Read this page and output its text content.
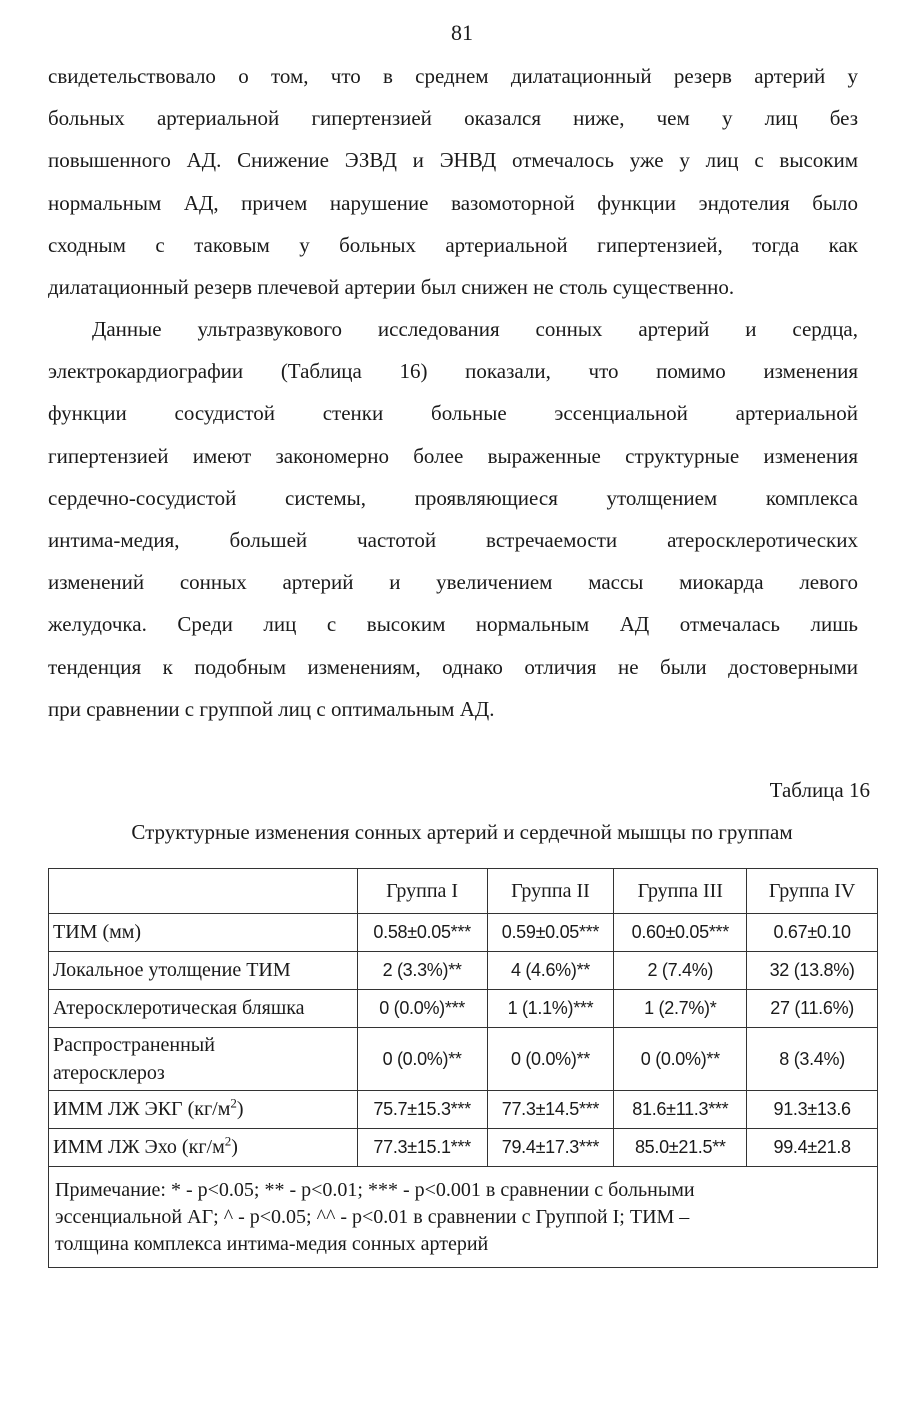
81
свидетельствовало о том, что в среднем дилатационный резерв артерий у
больных артериальной гипертензией оказался ниже, чем у лиц без
повышенного АД. Снижение ЭЗВД и ЭНВД отмечалось уже у лиц с высоким
нормальным АД, причем нарушение вазомоторной функции эндотелия было
сходным с таковым у больных артериальной гипертензией, тогда как
дилатационный резерв плечевой артерии был снижен не столь существенно.
Данные ультразвукового исследования сонных артерий и сердца,
электрокардиографии (Таблица 16) показали, что помимо изменения
функции сосудистой стенки больные эссенциальной артериальной
гипертензией имеют закономерно более выраженные структурные изменения
сердечно-сосудистой системы, проявляющиеся утолщением комплекса
интима-медия, большей частотой встречаемости атеросклеротических
изменений сонных артерий и увеличением массы миокарда левого
желудочка. Среди лиц с высоким нормальным АД отмечалась лишь
тенденция к подобным изменениям, однако отличия не были достоверными
при сравнении с группой лиц с оптимальным АД.
Таблица 16
Структурные изменения сонных артерий и сердечной мышцы по группам
	Группа I	Группа II	Группа III	Группа IV
ТИМ (мм)	0.58±0.05***	0.59±0.05***	0.60±0.05***	0.67±0.10
Локальное утолщение ТИМ	2 (3.3%)**	4 (4.6%)**	2 (7.4%)	32 (13.8%)
Атеросклеротическая бляшка	0 (0.0%)***	1 (1.1%)***	1 (2.7%)*	27 (11.6%)
Распространенный
атеросклероз	0 (0.0%)**	0 (0.0%)**	0 (0.0%)**	8 (3.4%)
ИММ ЛЖ ЭКГ $(кг/м^2)$	75.7±15.3***	77.3±14.5***	81.6±11.3***	91.3±13.6
ИММ ЛЖ Эхо $(кг/м^2)$	77.3±15.1***	79.4±17.3***	85.0±21.5**	99.4±21.8
Примечание: * - p<0.05; ** - p<0.01; *** - p<0.001 в сравнении с больными
эссенциальной АГ; ^ - p<0.05; ^^ - p<0.01 в сравнении с Группой I; ТИМ –
толщина комплекса интима-медия сонных артерий				
